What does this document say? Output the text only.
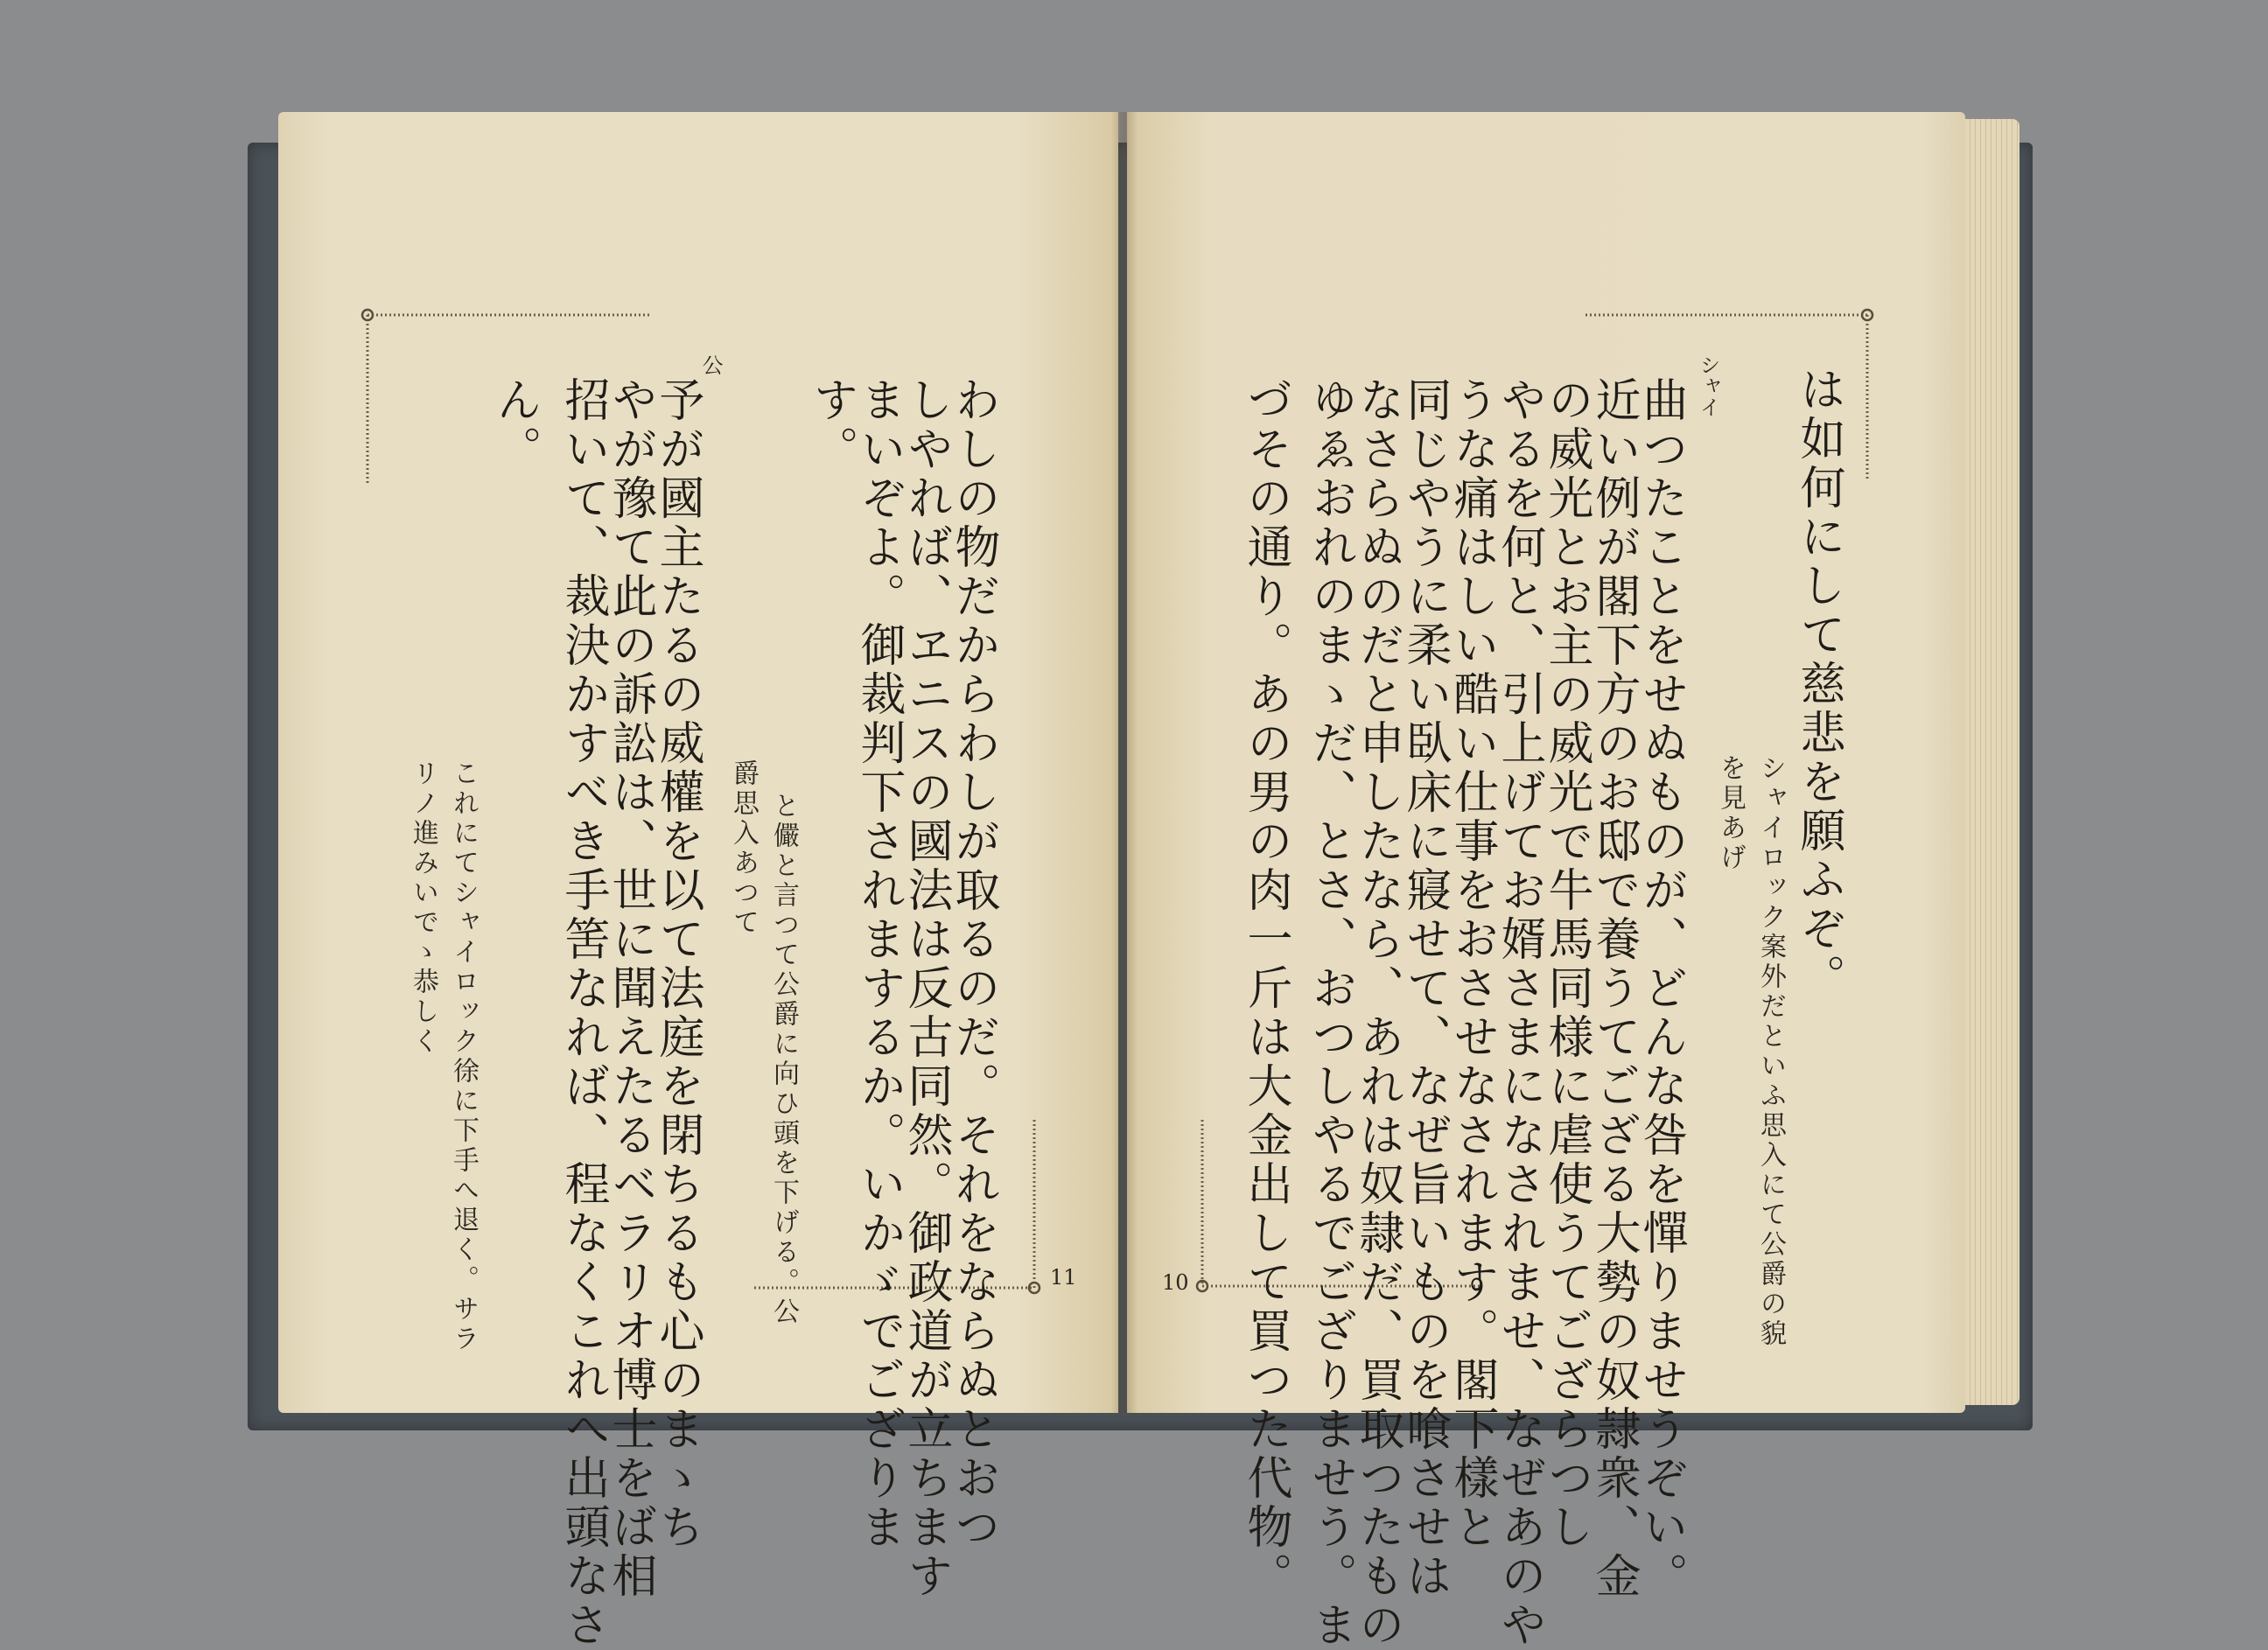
11	10
は如何にして慈悲を願ふぞ。
シャイロック案外だといふ思入にて公爵の貌
を見あげ
シャイ
曲つたことをせぬものが、どんな咎を憚りませうぞい。
近い例が閣下方のお邸で養うてござる大勢の奴隷衆、金
の威光とお主の威光で牛馬同様に虐使うてござらつし
やるを何と、引上げてお婿さまになされませ、なぜあのや
うな痛はしい酷い仕事をおさせなされます。閣下樣と
同じやうに柔い臥床に寢せて、なぜ旨いものを喰させは
なさらぬのだと申したなら、あれは奴隷だ、買取つたもの
ゆゑおれのまゝだ、とさ、おつしやるでござりませう。ま
づその通り。あの男の肉一斤は大金出して買つた代物。
わしの物だからわしが取るのだ。それをならぬとおつ
しやれば、ヱニスの國法は反古同然。御政道が立ちます
まいぞよ。御裁判下されまするか。いかゞでござりま
す。
と儼と言つて公爵に向ひ頭を下げる。公
爵思入あつて
公
予が國主たるの威權を以て法庭を閉ちるも心のまゝち
やが豫て此の訴訟は、世に聞えたるベラリオ博士をば相
招いて、裁決かすべき手筈なれば、程なくこれへ出頭なさ
ん。
これにてシャイロック徐に下手へ退く。サラ
リノ進みいでゝ恭しく
